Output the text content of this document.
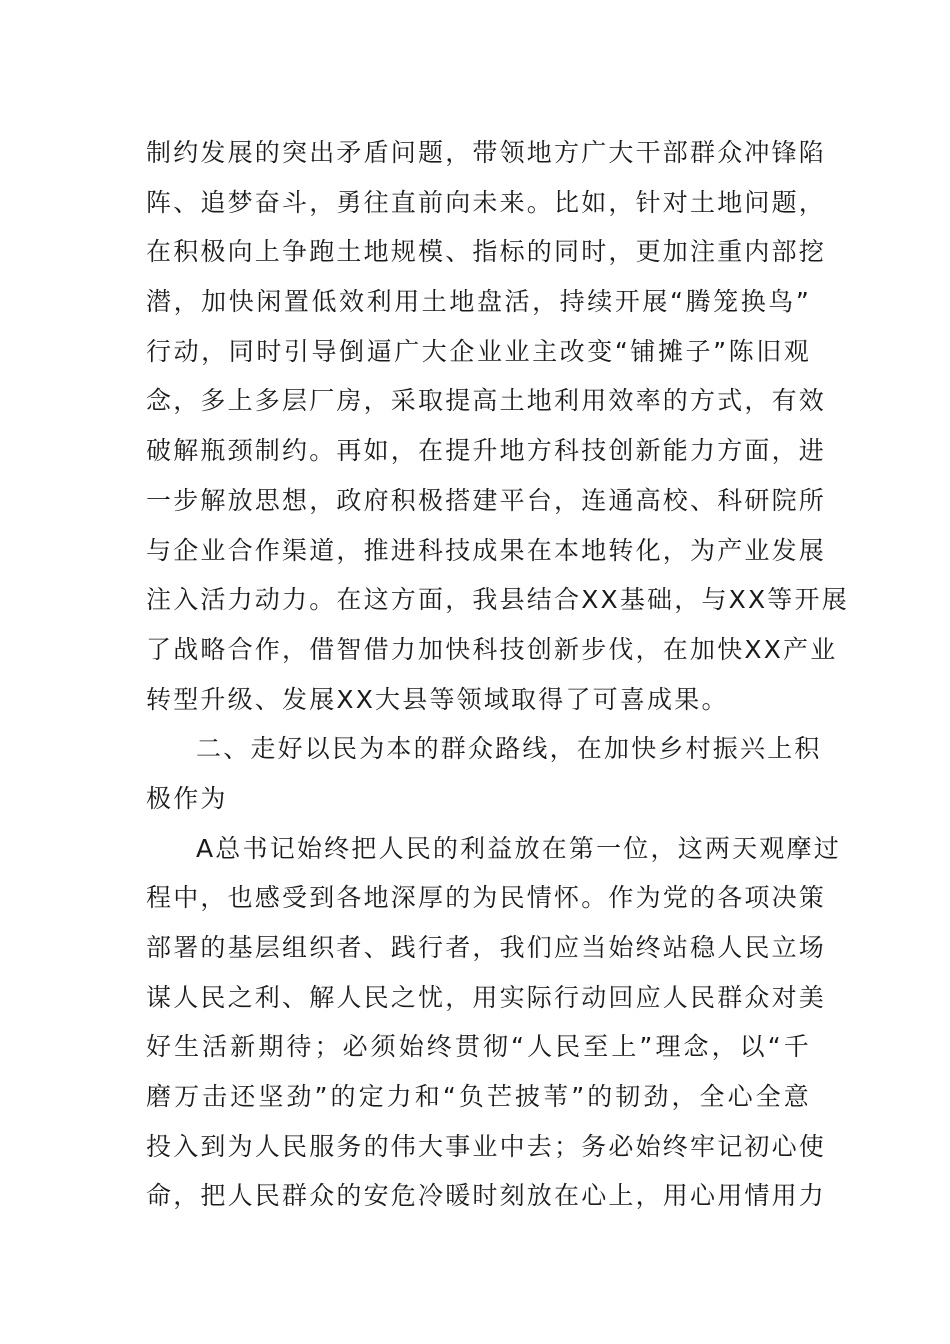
制约发展的突出矛盾问题，带领地方广大干部群众冲锋陷
阵、追梦奋斗，勇往直前向未来。比如，针对土地问题，
在积极向上争跑土地规模、指标的同时，更加注重内部挖
潜，加快闲置低效利用土地盘活，持续开展“腾笼换鸟”
行动，同时引导倒逼广大企业业主改变“铺摊子”陈旧观
念，多上多层厂房，采取提高土地利用效率的方式，有效
破解瓶颈制约。再如，在提升地方科技创新能力方面，进
一步解放思想，政府积极搭建平台，连通高校、科研院所
与企业合作渠道，推进科技成果在本地转化，为产业发展
注入活力动力。在这方面，我县结合XX基础，与XX等开展
了战略合作，借智借力加快科技创新步伐，在加快XX产业
转型升级、发展XX大县等领域取得了可喜成果。
二、走好以民为本的群众路线，在加快乡村振兴上积
极作为
A总书记始终把人民的利益放在第一位，这两天观摩过
程中，也感受到各地深厚的为民情怀。作为党的各项决策
部署的基层组织者、践行者，我们应当始终站稳人民立场
谋人民之利、解人民之忧，用实际行动回应人民群众对美
好生活新期待；必须始终贯彻“人民至上”理念，以“千
磨万击还坚劲”的定力和“负芒披苇”的韧劲，全心全意
投入到为人民服务的伟大事业中去；务必始终牢记初心使
命，把人民群众的安危冷暖时刻放在心上，用心用情用力
